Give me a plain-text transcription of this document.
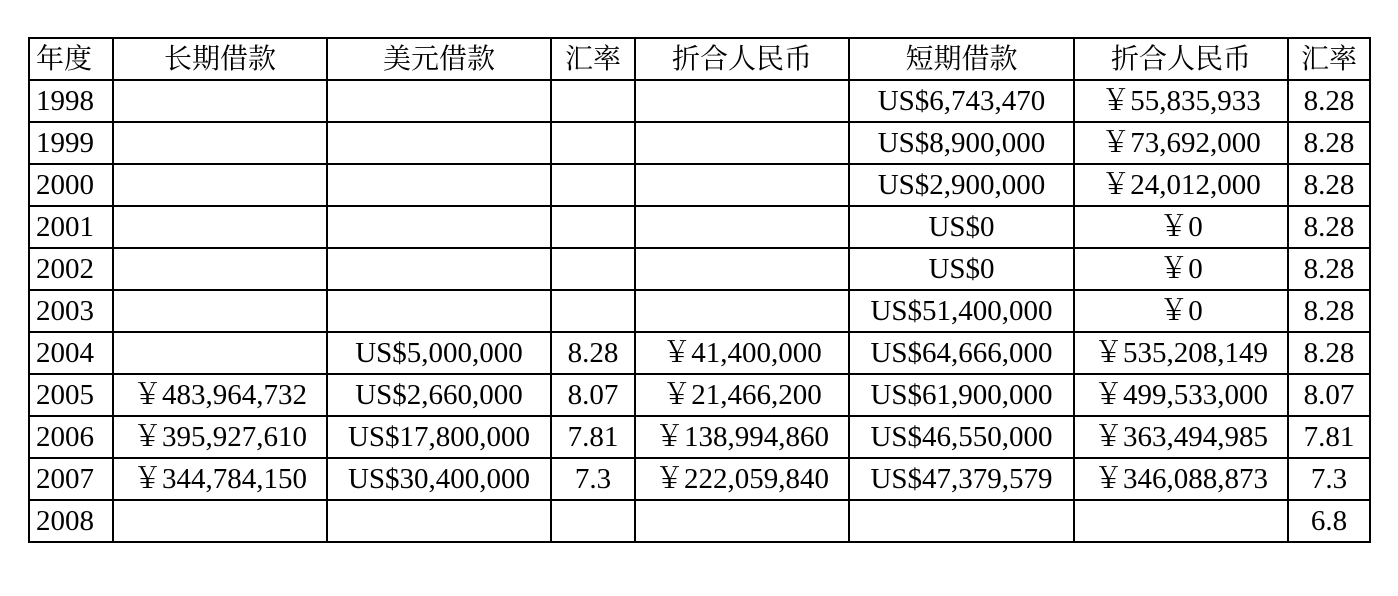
年度	长期借款	美元借款	汇率	折合人民币	短期借款	折合人民币	汇率
1998					US$6,743,470	￥55,835,933	8.28
1999					US$8,900,000	￥73,692,000	8.28
2000					US$2,900,000	￥24,012,000	8.28
2001					US$0	￥0	8.28
2002					US$0	￥0	8.28
2003					US$51,400,000	￥0	8.28
2004		US$5,000,000	8.28	￥41,400,000	US$64,666,000	￥535,208,149	8.28
2005	￥483,964,732	US$2,660,000	8.07	￥21,466,200	US$61,900,000	￥499,533,000	8.07
2006	￥395,927,610	US$17,800,000	7.81	￥138,994,860	US$46,550,000	￥363,494,985	7.81
2007	￥344,784,150	US$30,400,000	7.3	￥222,059,840	US$47,379,579	￥346,088,873	7.3
2008							6.8
